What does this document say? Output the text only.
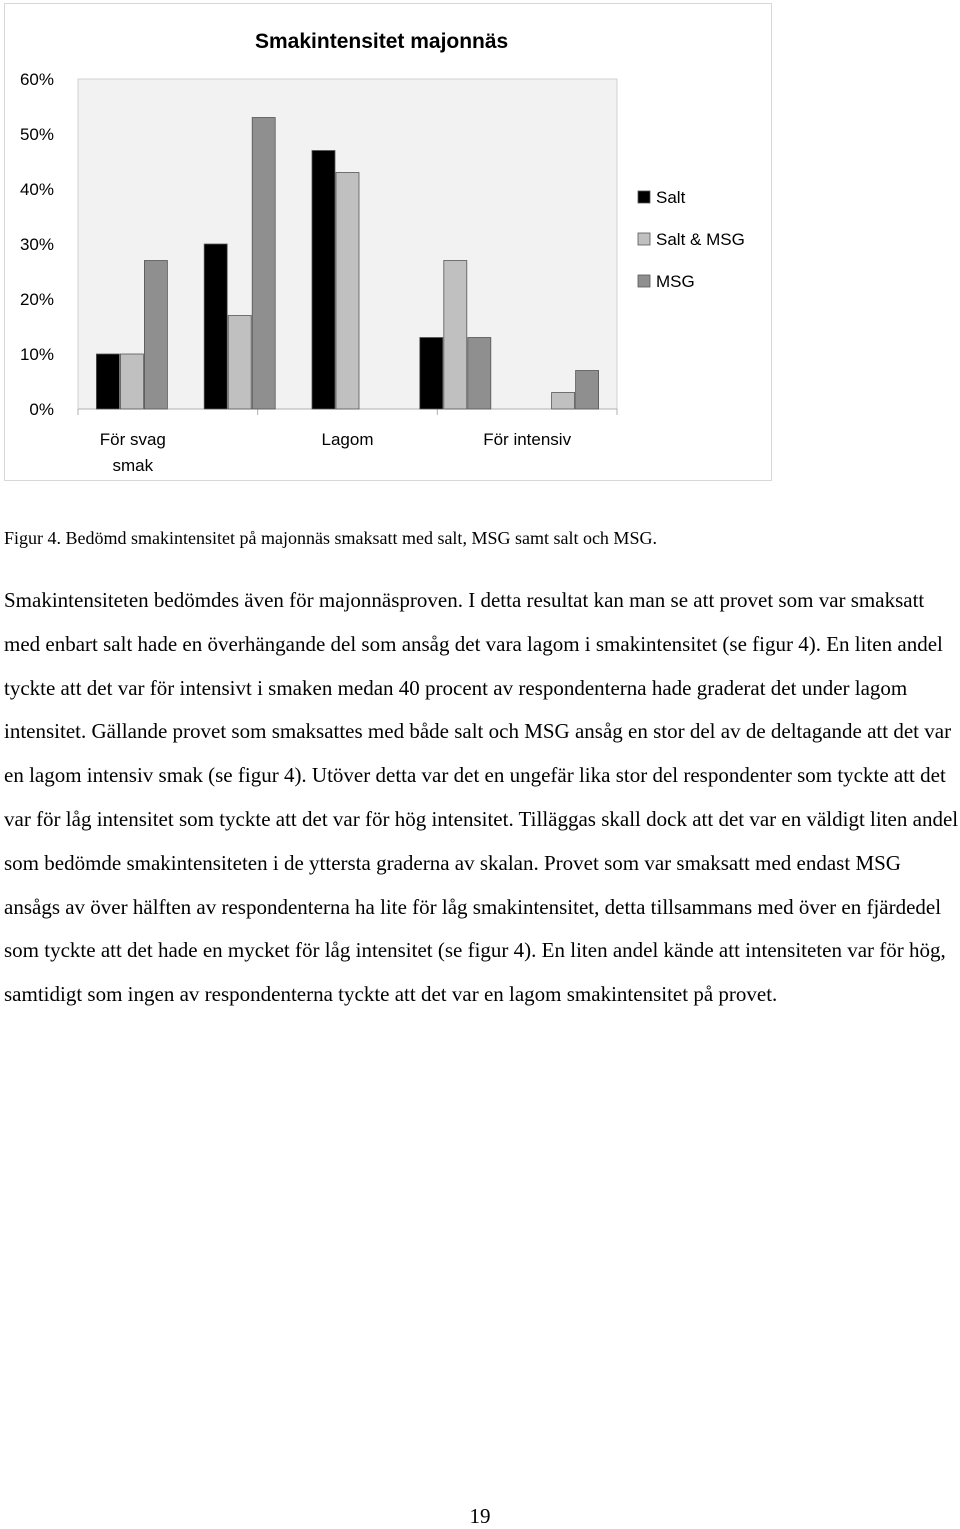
Smakintensitet majonnäs
0%
10%
20%
30%
40%
50%
60%
För svag
smak
Lagom	För intensiv
Salt
Salt & MSG
MSG
Figur 4. Bedömd smakintensitet på majonnäs smaksatt med salt, MSG samt salt och MSG.

Smakintensiteten bedömdes även för majonnäsproven. I detta resultat kan man se att provet som var smaksatt med enbart salt hade en överhängande del som ansåg det vara lagom i smakintensitet (se figur 4). En liten andel tyckte att det var för intensivt i smaken medan 40 procent av respondenterna hade graderat det under lagom intensitet. Gällande provet som smaksattes med både salt och MSG ansåg en stor del av de deltagande att det var en lagom intensiv smak (se figur 4). Utöver detta var det en ungefär lika stor del respondenter som tyckte att det var för låg intensitet som tyckte att det var för hög intensitet. Tilläggas skall dock att det var en väldigt liten andel som bedömde smakintensiteten i de yttersta graderna av skalan. Provet som var smaksatt med endast MSG ansågs av över hälften av respondenterna ha lite för låg smakintensitet, detta tillsammans med över en fjärdedel som tyckte att det hade en mycket för låg intensitet (se figur 4). En liten andel kände att intensiteten var för hög, samtidigt som ingen av respondenterna tyckte att det var en lagom smakintensitet på provet.

19
